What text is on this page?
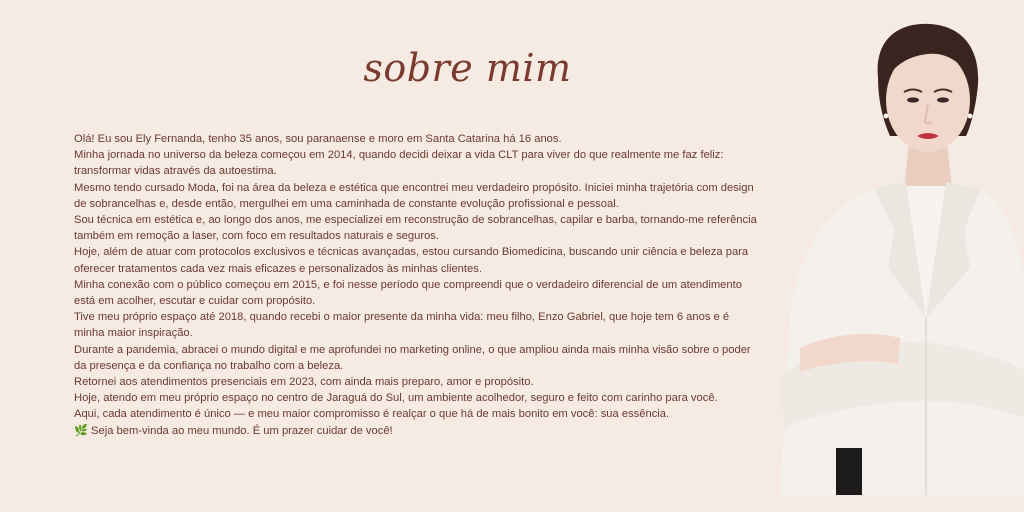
sobre mim

Olá! Eu sou Ely Fernanda, tenho 35 anos, sou paranaense e moro em Santa Catarina há 16 anos.

Minha jornada no universo da beleza começou em 2014, quando decidi deixar a vida CLT para viver do que realmente me faz feliz:

transformar vidas através da autoestima.

Mesmo tendo cursado Moda, foi na área da beleza e estética que encontrei meu verdadeiro propósito. Iniciei minha trajetória com design

de sobrancelhas e, desde então, mergulhei em uma caminhada de constante evolução profissional e pessoal.

Sou técnica em estética e, ao longo dos anos, me especializei em reconstrução de sobrancelhas, capilar e barba, tornando-me referência

também em remoção a laser, com foco em resultados naturais e seguros.

Hoje, além de atuar com protocolos exclusivos e técnicas avançadas, estou cursando Biomedicina, buscando unir ciência e beleza para

oferecer tratamentos cada vez mais eficazes e personalizados às minhas clientes.

Minha conexão com o público começou em 2015, e foi nesse período que compreendi que o verdadeiro diferencial de um atendimento

está em acolher, escutar e cuidar com propósito.

Tive meu próprio espaço até 2018, quando recebi o maior presente da minha vida: meu filho, Enzo Gabriel, que hoje tem 6 anos e é

minha maior inspiração.

Durante a pandemia, abracei o mundo digital e me aprofundei no marketing online, o que ampliou ainda mais minha visão sobre o poder

da presença e da confiança no trabalho com a beleza.

Retornei aos atendimentos presenciais em 2023, com ainda mais preparo, amor e propósito.

Hoje, atendo em meu próprio espaço no centro de Jaraguá do Sul, um ambiente acolhedor, seguro e feito com carinho para você.

Aqui, cada atendimento é único — e meu maior compromisso é realçar o que há de mais bonito em você: sua essência.

🌿 Seja bem-vinda ao meu mundo. É um prazer cuidar de você!
